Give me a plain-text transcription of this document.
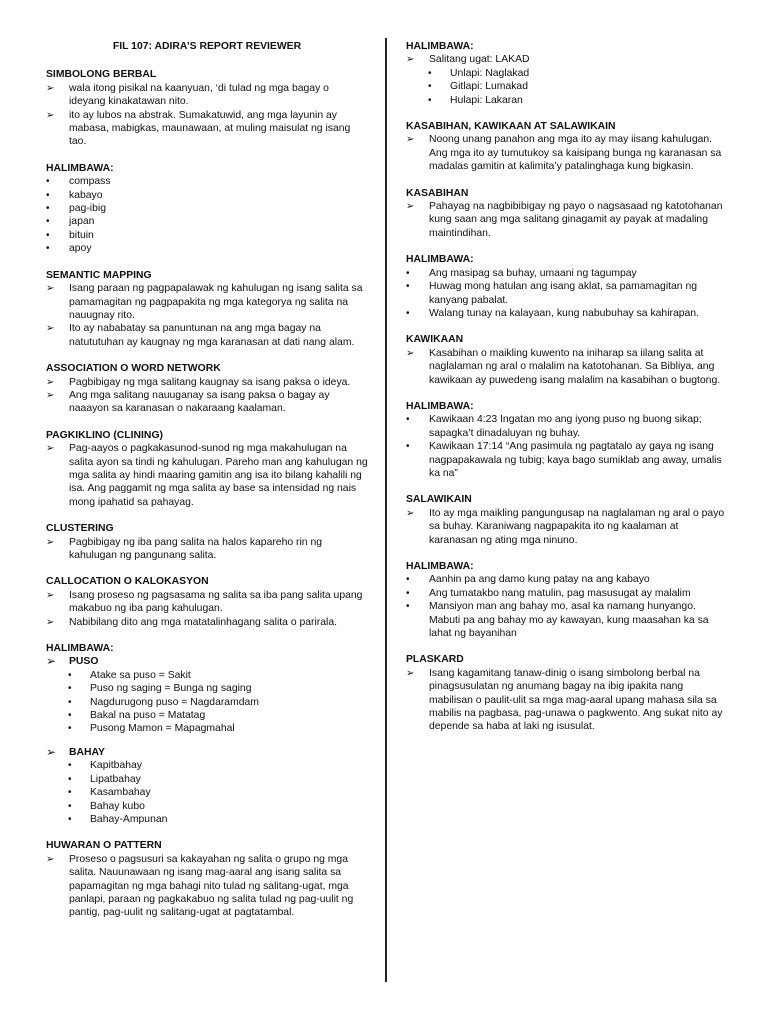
FIL 107: ADIRA’S REPORT REVIEWER

SIMBOLONG BERBAL

➢	wala itong pisikal na kaanyuan, ‘di tulad ng mga bagay o ideyang kinakatawan nito.
➢	ito ay lubos na abstrak. Sumakatuwid, ang mga layunin ay mabasa, mabigkas, maunawaan, at muling maisulat ng isang tao.

HALIMBAWA:

•	compass
•	kabayo
•	pag-ibig
•	japan
•	bituin
•	apoy

SEMANTIC MAPPING

➢	Isang paraan ng pagpapalawak ng kahulugan ng isang salita sa pamamagitan ng pagpapakita ng mga kategorya ng salita na nauugnay rito.
➢	Ito ay nababatay sa panuntunan na ang mga bagay na natututuhan ay kaugnay ng mga karanasan at dati nang alam.

ASSOCIATION O WORD NETWORK

➢	Pagbibigay ng mga salitang kaugnay sa isang paksa o ideya.
➢	Ang mga salitang nauuganay sa isang paksa o bagay ay naaayon sa karanasan o nakaraang kaalaman.

PAGKIKLINO (CLINING)

➢	Pag-aayos o pagkakasunod-sunod ng mga makahulugan na salita ayon sa tindi ng kahulugan. Pareho man ang kahulugan ng mga salita ay hindi maaring gamitin ang isa ito bilang kahalili ng isa. Ang paggamit ng mga salita ay base sa intensidad ng nais mong ipahatid sa pahayag.

CLUSTERING

➢	Pagbibigay ng iba pang salita na halos kapareho rin ng kahulugan ng pangunang salita.

CALLOCATION O KALOKASYON

➢	Isang proseso ng pagsasama ng salita sa iba pang salita upang makabuo ng iba pang kahulugan.
➢	Nabibilang dito ang mga matatalinhagang salita o parirala.

HALIMBAWA:

➢	PUSO
•	Atake sa puso = Sakit
•	Puso ng saging = Bunga ng saging
•	Nagdurugong puso = Nagdaramdam
•	Bakal na puso = Matatag
•	Pusong Mamon = Mapagmahal
➢	BAHAY
•	Kapitbahay
•	Lipatbahay
•	Kasambahay
•	Bahay kubo
•	Bahay-Ampunan

HUWARAN O PATTERN

➢	Proseso o pagsusuri sa kakayahan ng salita o grupo ng mga salita. Nauunawaan ng isang mag-aaral ang isang salita sa papamagitan ng mga bahagi nito tulad ng salitang-ugat, mga panlapi, paraan ng pagkakabuo ng salita tulad ng pag-uulit ng pantig, pag-uulit ng salitang-ugat at pagtatambal.

HALIMBAWA:

➢	Salitang ugat: LAKAD
•	Unlapi: Naglakad
•	Gitlapi: Lumakad
•	Hulapi: Lakaran

KASABIHAN, KAWIKAAN AT SALAWIKAIN

➢	Noong unang panahon ang mga ito ay may iisang kahulugan. Ang mga ito ay tumutukoy sa kaisipang bunga ng karanasan sa madalas gamitin at kalimita’y patalinghaga kung bigkasin.

KASABIHAN

➢	Pahayag na nagbibibigay ng payo o nagsasaad ng katotohanan kung saan ang mga salitang ginagamit ay payak at madaling maintindihan.

HALIMBAWA:

•	Ang masipag sa buhay, umaani ng tagumpay
•	Huwag mong hatulan ang isang aklat, sa pamamagitan ng kanyang pabalat.
•	Walang tunay na kalayaan, kung nabubuhay sa kahirapan.

KAWIKAAN

➢	Kasabihan o maikling kuwento na iniharap sa iilang salita at naglalaman ng aral o malalim na katotohanan. Sa Bibliya, ang kawikaan ay puwedeng isang malalim na kasabihan o bugtong.

HALIMBAWA:

•	Kawikaan 4:23 Ingatan mo ang iyong puso ng buong sikap; sapagka’t dinadaluyan ng buhay.
•	Kawikaan 17:14 “Ang pasimula ng pagtatalo ay gaya ng isang nagpapakawala ng tubig; kaya bago sumiklab ang away, umalis ka na”

SALAWIKAIN

➢	Ito ay mga maikling pangungusap na naglalaman ng aral o payo sa buhay. Karaniwang nagpapakita ito ng kaalaman at karanasan ng ating mga ninuno.

HALIMBAWA:

•	Aanhin pa ang damo kung patay na ang kabayo
•	Ang tumatakbo nang matulin, pag masusugat ay malalim
•	Mansiyon man ang bahay mo, asal ka namang hunyango. Mabuti pa ang bahay mo ay kawayan, kung maasahan ka sa lahat ng bayanihan

PLASKARD

➢	Isang kagamitang tanaw-dinig o isang simbolong berbal na pinagsusulatan ng anumang bagay na ibig ipakita nang mabilisan o paulit-ulit sa mga mag-aaral upang mahasa sila sa mabilis na pagbasa, pag-unawa o pagkwento. Ang sukat nito ay depende sa haba at laki ng isusulat.
